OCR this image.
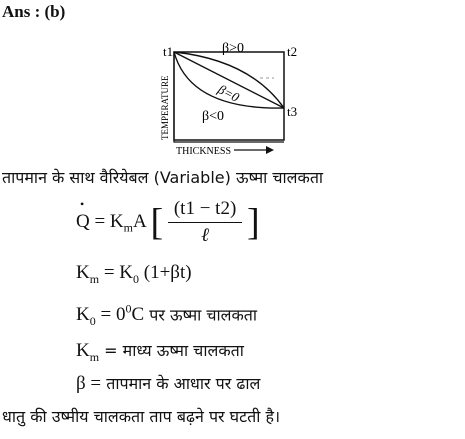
Ans : (b)
t1	t2
t3
β>0
β=0
β<0
TEMPERATURE
THICKNESS
तापमान के साथ वैरियेबल (Variable) ऊष्मा चालकता
• $Q = K_mA$ [ $\frac{(t1 - t2)}{\text{ℓ}}$ ]
$K_m = K_0$ (1+βt)
$K_0 = 0^0C$ पर ऊष्मा चालकता
$K_m$ = माध्य ऊष्मा चालकता
β = तापमान के आधार पर ढाल
धातु की उष्मीय चालकता ताप बढ़ने पर घटती है।
